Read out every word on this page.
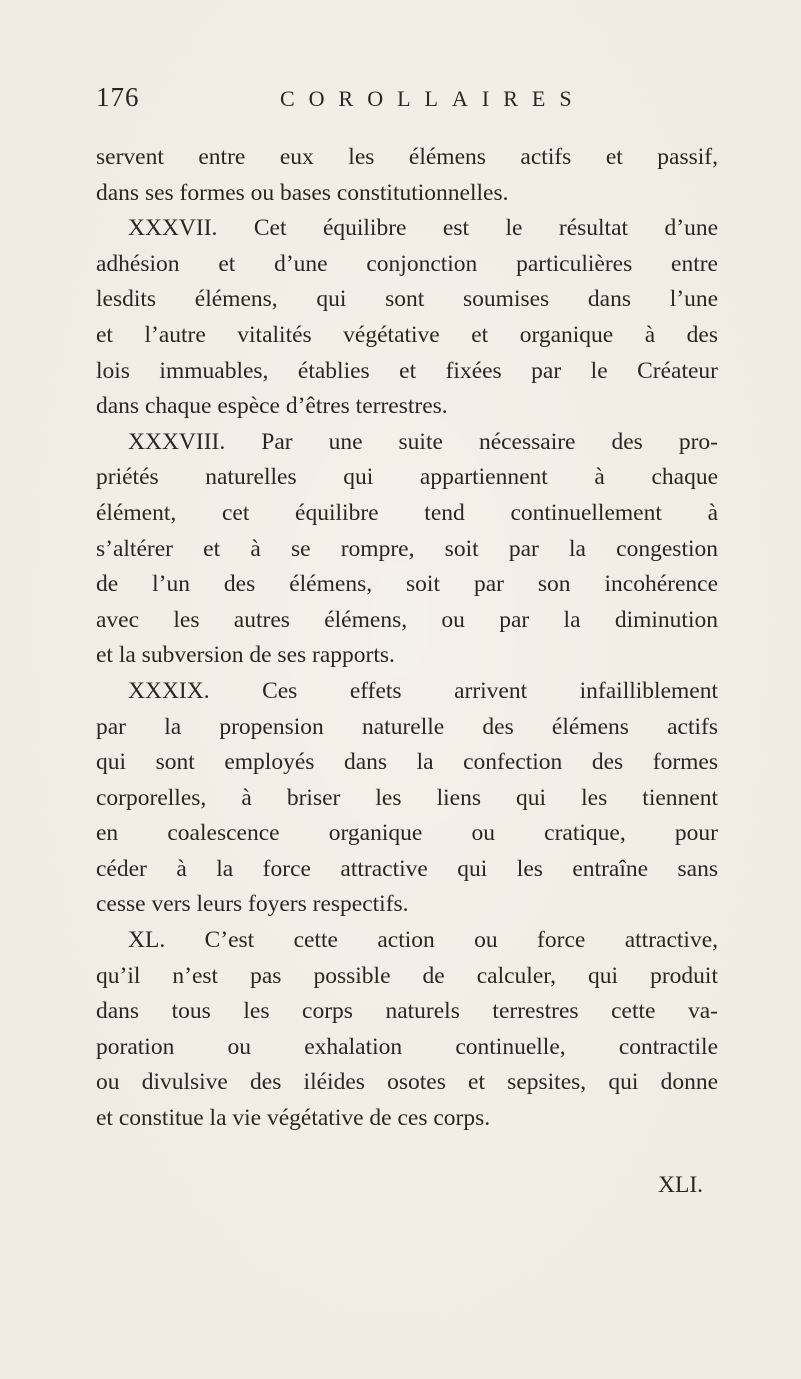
176	COROLLAIRES
servent entre eux les élémens actifs et passif,
dans ses formes ou bases constitutionnelles.
XXXVII. Cet équilibre est le résultat d’une
adhésion et d’une conjonction particulières entre
lesdits élémens, qui sont soumises dans l’une
et l’autre vitalités végétative et organique à des
lois immuables, établies et fixées par le Créateur
dans chaque espèce d’êtres terrestres.
XXXVIII. Par une suite nécessaire des pro-
priétés naturelles qui appartiennent à chaque
élément, cet équilibre tend continuellement à
s’altérer et à se rompre, soit par la congestion
de l’un des élémens, soit par son incohérence
avec les autres élémens, ou par la diminution
et la subversion de ses rapports.
XXXIX. Ces effets arrivent infailliblement
par la propension naturelle des élémens actifs
qui sont employés dans la confection des formes
corporelles, à briser les liens qui les tiennent
en coalescence organique ou cratique, pour
céder à la force attractive qui les entraîne sans
cesse vers leurs foyers respectifs.
XL. C’est cette action ou force attractive,
qu’il n’est pas possible de calculer, qui produit
dans tous les corps naturels terrestres cette va-
poration ou exhalation continuelle, contractile
ou divulsive des iléides osotes et sepsites, qui donne
et constitue la vie végétative de ces corps.
XLI.
